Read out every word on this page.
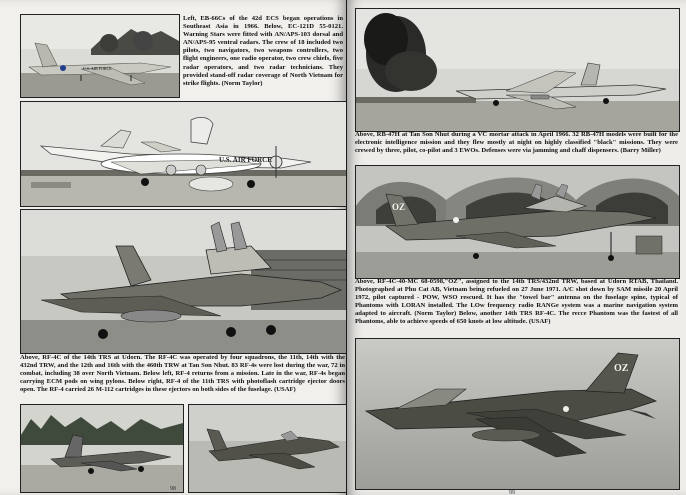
U.S. AIR FORCE
Left, EB-66Cs of the 42d ECS began operations in Southeast Asia in 1966. Below, EC-121D 55-0121. Warning Stars were fitted with AN/APS-103 dorsal and AN/APS-95 ventral radars. The crew of 18 included two pilots, two navigators, two weapons controllers, two flight engineers, one radio operator, two crew chiefs, five radar operators, and two radar technicians. They provided stand-off radar coverage of North Vietnam for strike flights. (Norm Taylor)
U.S. AIR FORCE
Above, RF-4C of the 14th TRS at Udorn. The RF-4C was operated by four squadrons, the 11th, 14th with the 432nd TRW, and the 12th and 16th with the 460th TRW at Tan Son Nhut. 83 RF-4s were lost during the war, 72 in combat, including 38 over North Vietnam. Below left, RF-4 returns from a mission. Late in the war, RF-4s began carrying ECM pods on wing pylons. Below right, RF-4 of the 11th TRS with photoflash cartridge ejector doors open. The RF-4 carried 26 M-112 cartridges in these ejectors on both sides of the fuselage. (USAF)
98
Above, RB-47H at Tan Son Nhut during a VC mortar attack in April 1966. 32 RB-47H models were built for the electronic intelligence mission and they flew mostly at night on highly classified "black" missions. They were crewed by three, pilot, co-pilot and 3 EWOs. Defenses were via jamming and chaff dispensers. (Barry Miller)
OZ
Above, RF-4C-40-MC 68-0598,"OZ", assigned to the 14th TRS/432nd TRW, based at Udorn RTAB, Thailand. Photographed at Phu Cat AB, Vietnam being refueled on 27 June 1971. A/C shot down by SAM missile 20 April 1972, pilot captured - POW, WSO rescued. It has the "towel bar" antenna on the fuselage spine, typical of Phantoms with LORAN installed. The LOw frequency radio RANGe system was a marine navigation system adapted to aircraft. (Norm Taylor) Below, another 14th TRS RF-4C. The recce Phantom was the fastest of all Phantoms, able to achieve speeds of 650 knots at low altitude. (USAF)
OZ
99
